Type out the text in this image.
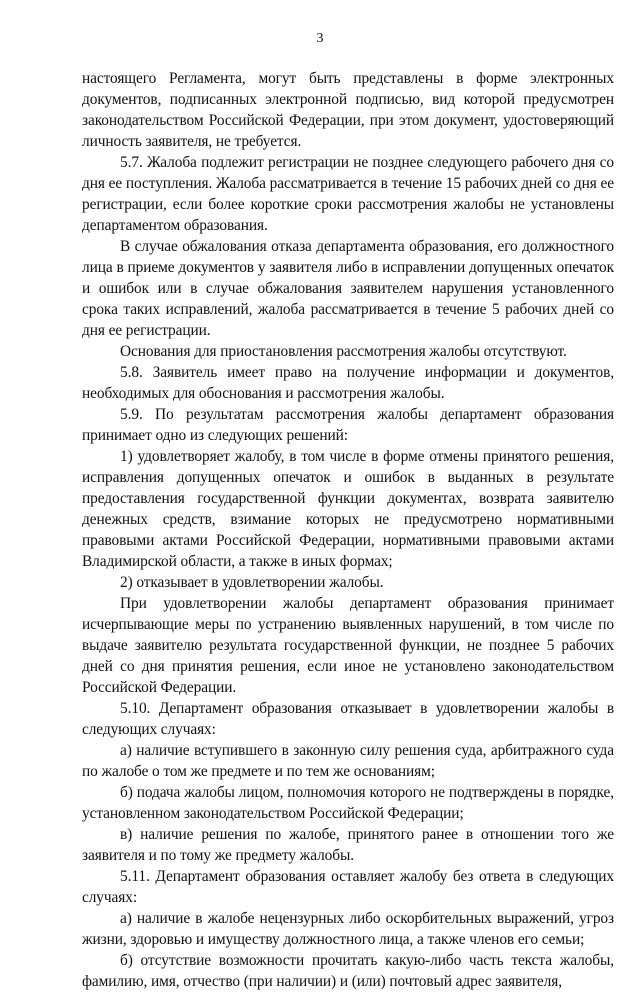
3

настоящего Регламента, могут быть представлены в форме электронных документов, подписанных электронной подписью, вид которой предусмотрен законодательством Российской Федерации, при этом документ, удостоверяющий личность заявителя, не требуется.

5.7. Жалоба подлежит регистрации не позднее следующего рабочего дня со дня ее поступления. Жалоба рассматривается в течение 15 рабочих дней со дня ее регистрации, если более короткие сроки рассмотрения жалобы не установлены департаментом образования.

В случае обжалования отказа департамента образования, его должностного лица в приеме документов у заявителя либо в исправлении допущенных опечаток и ошибок или в случае обжалования заявителем нарушения установленного срока таких исправлений, жалоба рассматривается в течение 5 рабочих дней со дня ее регистрации.

Основания для приостановления рассмотрения жалобы отсутствуют.

5.8. Заявитель имеет право на получение информации и документов, необходимых для обоснования и рассмотрения жалобы.

5.9. По результатам рассмотрения жалобы департамент образования принимает одно из следующих решений:

1) удовлетворяет жалобу, в том числе в форме отмены принятого решения, исправления допущенных опечаток и ошибок в выданных в результате предоставления государственной функции документах, возврата заявителю денежных средств, взимание которых не предусмотрено нормативными правовыми актами Российской Федерации, нормативными правовыми актами Владимирской области, а также в иных формах;

2) отказывает в удовлетворении жалобы.

При удовлетворении жалобы департамент образования принимает исчерпывающие меры по устранению выявленных нарушений, в том числе по выдаче заявителю результата государственной функции, не позднее 5 рабочих дней со дня принятия решения, если иное не установлено законодательством Российской Федерации.

5.10. Департамент образования отказывает в удовлетворении жалобы в следующих случаях:

а) наличие вступившего в законную силу решения суда, арбитражного суда по жалобе о том же предмете и по тем же основаниям;

б) подача жалобы лицом, полномочия которого не подтверждены в порядке, установленном законодательством Российской Федерации;

в) наличие решения по жалобе, принятого ранее в отношении того же заявителя и по тому же предмету жалобы.

5.11. Департамент образования оставляет жалобу без ответа в следующих случаях:

а) наличие в жалобе нецензурных либо оскорбительных выражений, угроз жизни, здоровью и имуществу должностного лица, а также членов его семьи;

б) отсутствие возможности прочитать какую-либо часть текста жалобы, фамилию, имя, отчество (при наличии) и (или) почтовый адрес заявителя,
